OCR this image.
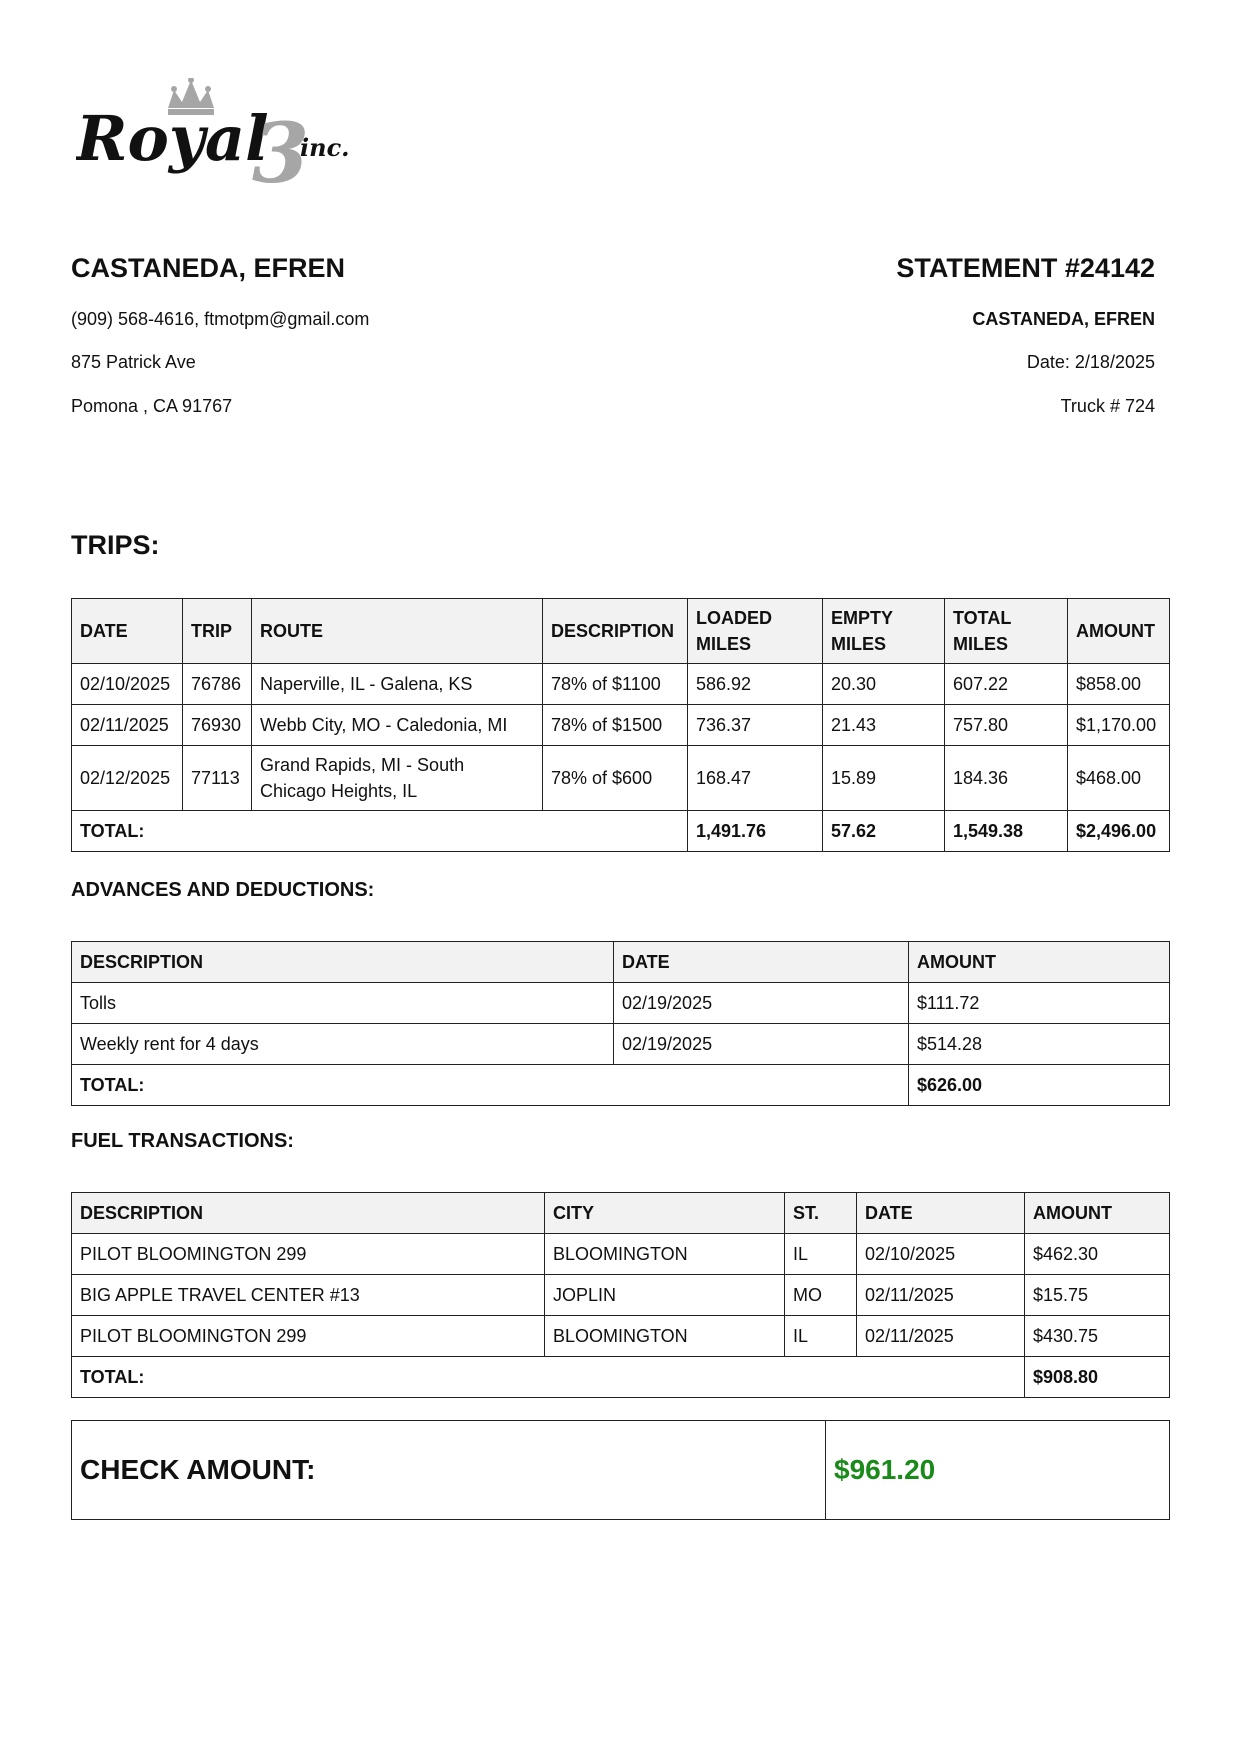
Royal
3
inc.

CASTANEDA, EFREN

(909) 568-4616, ftmotpm@gmail.com

875 Patrick Ave

Pomona , CA 91767

STATEMENT #24142

CASTANEDA, EFREN

Date: 2/18/2025

Truck # 724

TRIPS:

DATE	TRIP	ROUTE	DESCRIPTION	LOADED MILES	EMPTY MILES	TOTAL MILES	AMOUNT
02/10/2025	76786	Naperville, IL - Galena, KS	78% of $1100	586.92	20.30	607.22	$858.00
02/11/2025	76930	Webb City, MO - Caledonia, MI	78% of $1500	736.37	21.43	757.80	$1,170.00
02/12/2025	77113	Grand Rapids, MI - South Chicago Heights, IL	78% of $600	168.47	15.89	184.36	$468.00
TOTAL:				1,491.76	57.62	1,549.38	$2,496.00

ADVANCES AND DEDUCTIONS:

DESCRIPTION	DATE	AMOUNT
Tolls	02/19/2025	$111.72
Weekly rent for 4 days	02/19/2025	$514.28
TOTAL:		$626.00

FUEL TRANSACTIONS:

DESCRIPTION	CITY	ST.	DATE	AMOUNT
PILOT BLOOMINGTON 299	BLOOMINGTON	IL	02/10/2025	$462.30
BIG APPLE TRAVEL CENTER #13	JOPLIN	MO	02/11/2025	$15.75
PILOT BLOOMINGTON 299	BLOOMINGTON	IL	02/11/2025	$430.75
TOTAL:				$908.80
CHECK AMOUNT:	$961.20
